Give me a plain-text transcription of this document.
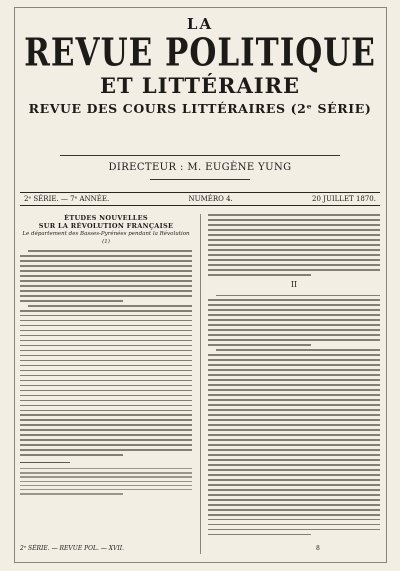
LA
REVUE POLITIQUE
ET LITTÉRAIRE
REVUE DES COURS LITTÉRAIRES (2ᵉ SÉRIE)
DIRECTEUR : M. EUGÈNE YUNG
2ᵉ SÉRIE. — 7ᵉ ANNÉE.	NUMÉRO 4.	20 JUILLET 1870.
ÉTUDES NOUVELLES
SUR LA RÉVOLUTION FRANÇAISE
Le département des Basses-Pyrénées pendant la Révolution (1)
II
2ᵉ SÉRIE. — REVUE POL. — XVII.	8
